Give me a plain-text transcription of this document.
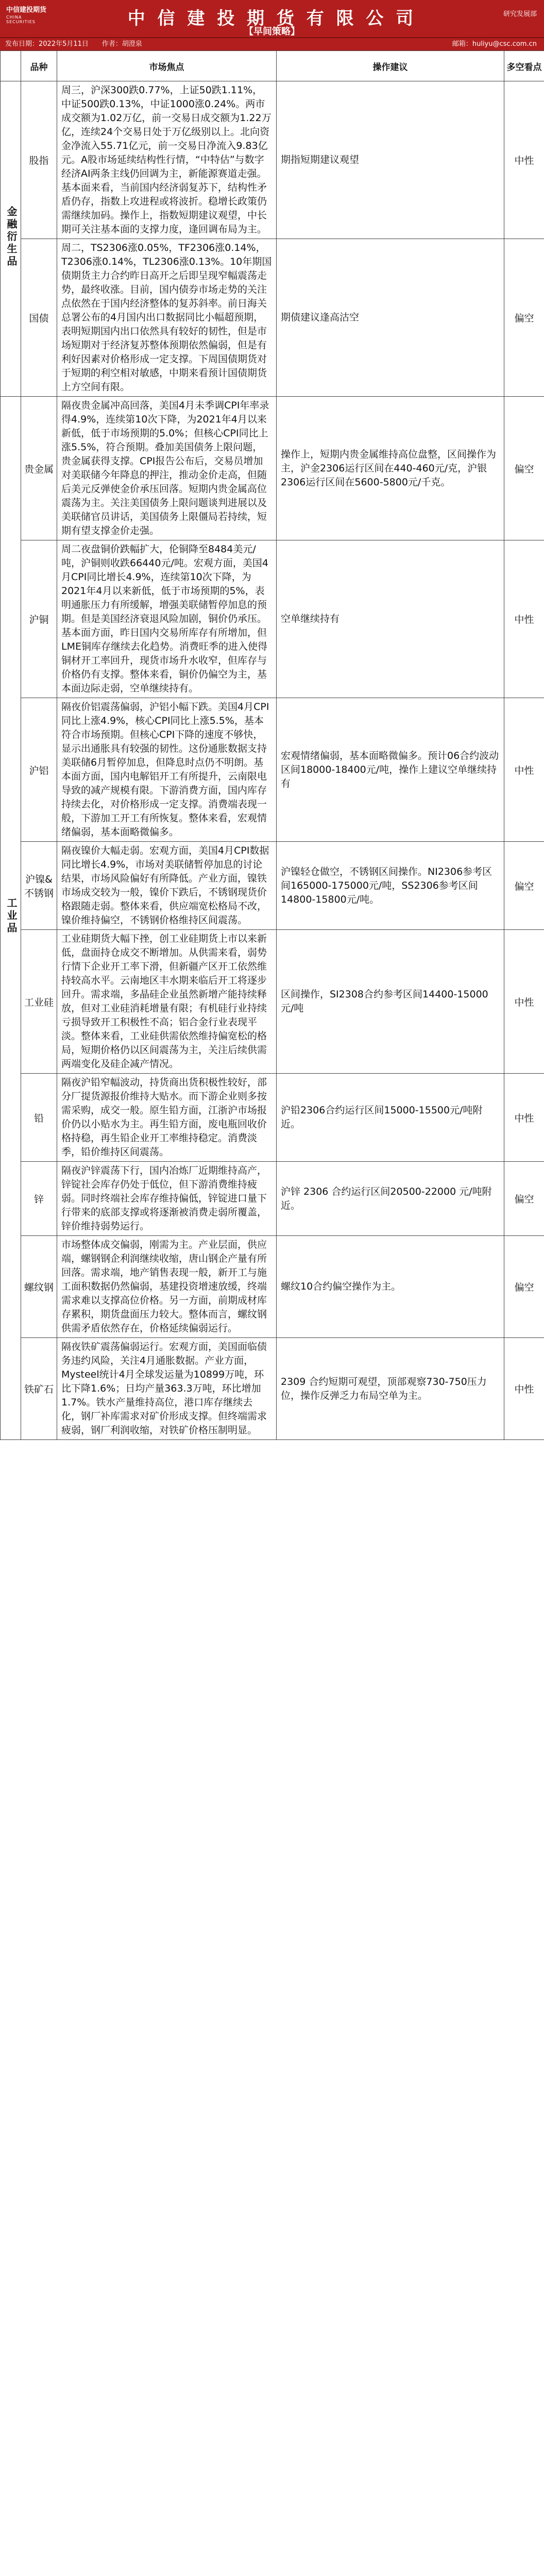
中信建投期货
CHINA SECURITIES	中 信 建 投 期 货 有 限 公 司
【早间策略】
研究发展部
发布日期：2022年5月11日　　作者：胡澄泉	邮箱：huliyu@csc.com.cn
	品种	市场焦点	操作建议	多空看点
金融衍生品	股指	周三，沪深300跌0.77%，上证50跌1.11%，中证500跌0.13%，中证1000涨0.24%。两市成交额为1.02万亿，前一交易日成交额为1.22万亿，连续24个交易日处于万亿级别以上。北向资金净流入55.71亿元，前一交易日净流入9.83亿元。A股市场延续结构性行情，“中特估”与数字经济AI两条主线仍回调为主，新能源赛道走强。基本面来看，当前国内经济弱复苏下，结构性矛盾仍存，指数上攻进程或将波折。稳增长政策仍需继续加码。操作上，指数短期建议观望，中长期可关注基本面的支撑力度，逢回调布局为主。	期指短期建议观望	中性
	国债	周二，TS2306涨0.05%，TF2306涨0.14%，T2306涨0.14%，TL2306涨0.13%。10年期国债期货主力合约昨日高开之后即呈现窄幅震荡走势，最终收涨。目前，国内债券市场走势的关注点依然在于国内经济整体的复苏斜率。前日海关总署公布的4月国内出口数据同比小幅超预期，表明短期国内出口依然具有较好的韧性，但是市场短期对于经济复苏整体预期依然偏弱，但是有利好因素对价格形成一定支撑。下周国债期货对于短期的利空相对敏感，中期来看预计国债期货上方空间有限。	期债建议逢高沽空	偏空
工业品	贵金属	隔夜贵金属冲高回落，美国4月未季调CPI年率录得4.9%，连续第10次下降，为2021年4月以来新低，低于市场预期的5.0%；但核心CPI同比上涨5.5%，符合预期。叠加美国债务上限问题，贵金属获得支撑。CPI报告公布后，交易员增加对美联储今年降息的押注，推动金价走高，但随后美元反弹使金价承压回落。短期内贵金属高位震荡为主。关注美国债务上限问题谈判进展以及美联储官员讲话，美国债务上限僵局若持续，短期有望支撑金价走强。	操作上，短期内贵金属维持高位盘整，区间操作为主，沪金2306运行区间在440-460元/克，沪银2306运行区间在5600-5800元/千克。	偏空
	沪铜	周二夜盘铜价跌幅扩大，伦铜降至8484美元/吨，沪铜则收跌66440元/吨。宏观方面，美国4月CPI同比增长4.9%，连续第10次下降，为2021年4月以来新低，低于市场预期的5%，表明通胀压力有所缓解，增强美联储暂停加息的预期。但是美国经济衰退风险加剧，铜价仍承压。基本面方面，昨日国内交易所库存有所增加，但LME铜库存继续去化趋势。消费旺季的进入使得铜材开工率回升，现货市场升水收窄，但库存与价格仍有支撑。整体来看，铜价仍偏空为主，基本面边际走弱，空单继续持有。	空单继续持有	中性
	沪铝	隔夜价铝震荡偏弱，沪铝小幅下跌。美国4月CPI同比上涨4.9%，核心CPI同比上涨5.5%，基本符合市场预期。但核心CPI下降的速度不够快，显示出通胀具有较强的韧性。这份通胀数据支持美联储6月暂停加息，但降息时点仍不明朗。基本面方面，国内电解铝开工有所提升，云南限电导致的减产规模有限。下游消费方面，国内库存持续去化，对价格形成一定支撑。消费端表现一般，下游加工开工有所恢复。整体来看，宏观情绪偏弱，基本面略微偏多。	宏观情绪偏弱，基本面略微偏多。预计06合约波动区间18000-18400元/吨，操作上建议空单继续持有	中性
	沪镍&不锈钢	隔夜镍价大幅走弱。宏观方面，美国4月CPI数据同比增长4.9%，市场对美联储暂停加息的讨论结果，市场风险偏好有所降低。产业方面，镍铁市场成交较为一般，镍价下跌后，不锈钢现货价格跟随走弱。整体来看，供应端宽松格局不改，镍价维持偏空，不锈钢价格维持区间震荡。	沪镍轻仓做空，不锈钢区间操作。NI2306参考区间165000-175000元/吨，SS2306参考区间14800-15800元/吨。	偏空
	工业硅	工业硅期货大幅下挫，创工业硅期货上市以来新低，盘面持仓成交不断增加。从供需来看，弱势行情下企业开工率下滑，但新疆产区开工依然维持较高水平。云南地区丰水期来临后开工将逐步回升。需求端，多晶硅企业虽然新增产能持续释放，但对工业硅消耗增量有限；有机硅行业持续亏损导致开工积极性不高；铝合金行业表现平淡。整体来看，工业硅供需依然维持偏宽松的格局，短期价格仍以区间震荡为主，关注后续供需两端变化及硅企减产情况。	区间操作，SI2308合约参考区间14400-15000元/吨	中性
	铅	隔夜沪铅窄幅波动，持货商出货积极性较好，部分厂提货源报价维持大贴水。而下游企业则多按需采购，成交一般。原生铅方面，江浙沪市场报价仍以小贴水为主。再生铅方面，废电瓶回收价格持稳，再生铅企业开工率维持稳定。消费淡季，铅价维持区间震荡。	沪铅2306合约运行区间15000-15500元/吨附近。	中性
	锌	隔夜沪锌震荡下行，国内冶炼厂近期维持高产，锌锭社会库存仍处于低位，但下游消费维持疲弱。同时终端社会库存维持偏低，锌锭进口量下行带来的底部支撑或将逐渐被消费走弱所覆盖，锌价维持弱势运行。	沪锌 2306 合约运行区间20500-22000 元/吨附近。	偏空
	螺纹钢	市场整体成交偏弱，刚需为主。产业层面，供应端，螺钢钢企利润继续收缩，唐山钢企产量有所回落。需求端，地产销售表现一般，新开工与施工面积数据仍然偏弱，基建投资增速放缓，终端需求难以支撑高位价格。另一方面，前期成材库存累积，期货盘面压力较大。整体而言，螺纹钢供需矛盾依然存在，价格延续偏弱运行。	螺纹10合约偏空操作为主。	偏空
	铁矿石	隔夜铁矿震荡偏弱运行。宏观方面，美国面临债务违约风险，关注4月通胀数据。产业方面，Mysteel统计4月全球发运量为10899万吨，环比下降1.6%；日均产量363.3万吨，环比增加1.7%。铁水产量维持高位，港口库存继续去化，钢厂补库需求对矿价形成支撑。但终端需求疲弱，钢厂利润收缩，对铁矿价格压制明显。	2309 合约短期可观望，顶部观察730-750压力位，操作反弹乏力布局空单为主。	中性
